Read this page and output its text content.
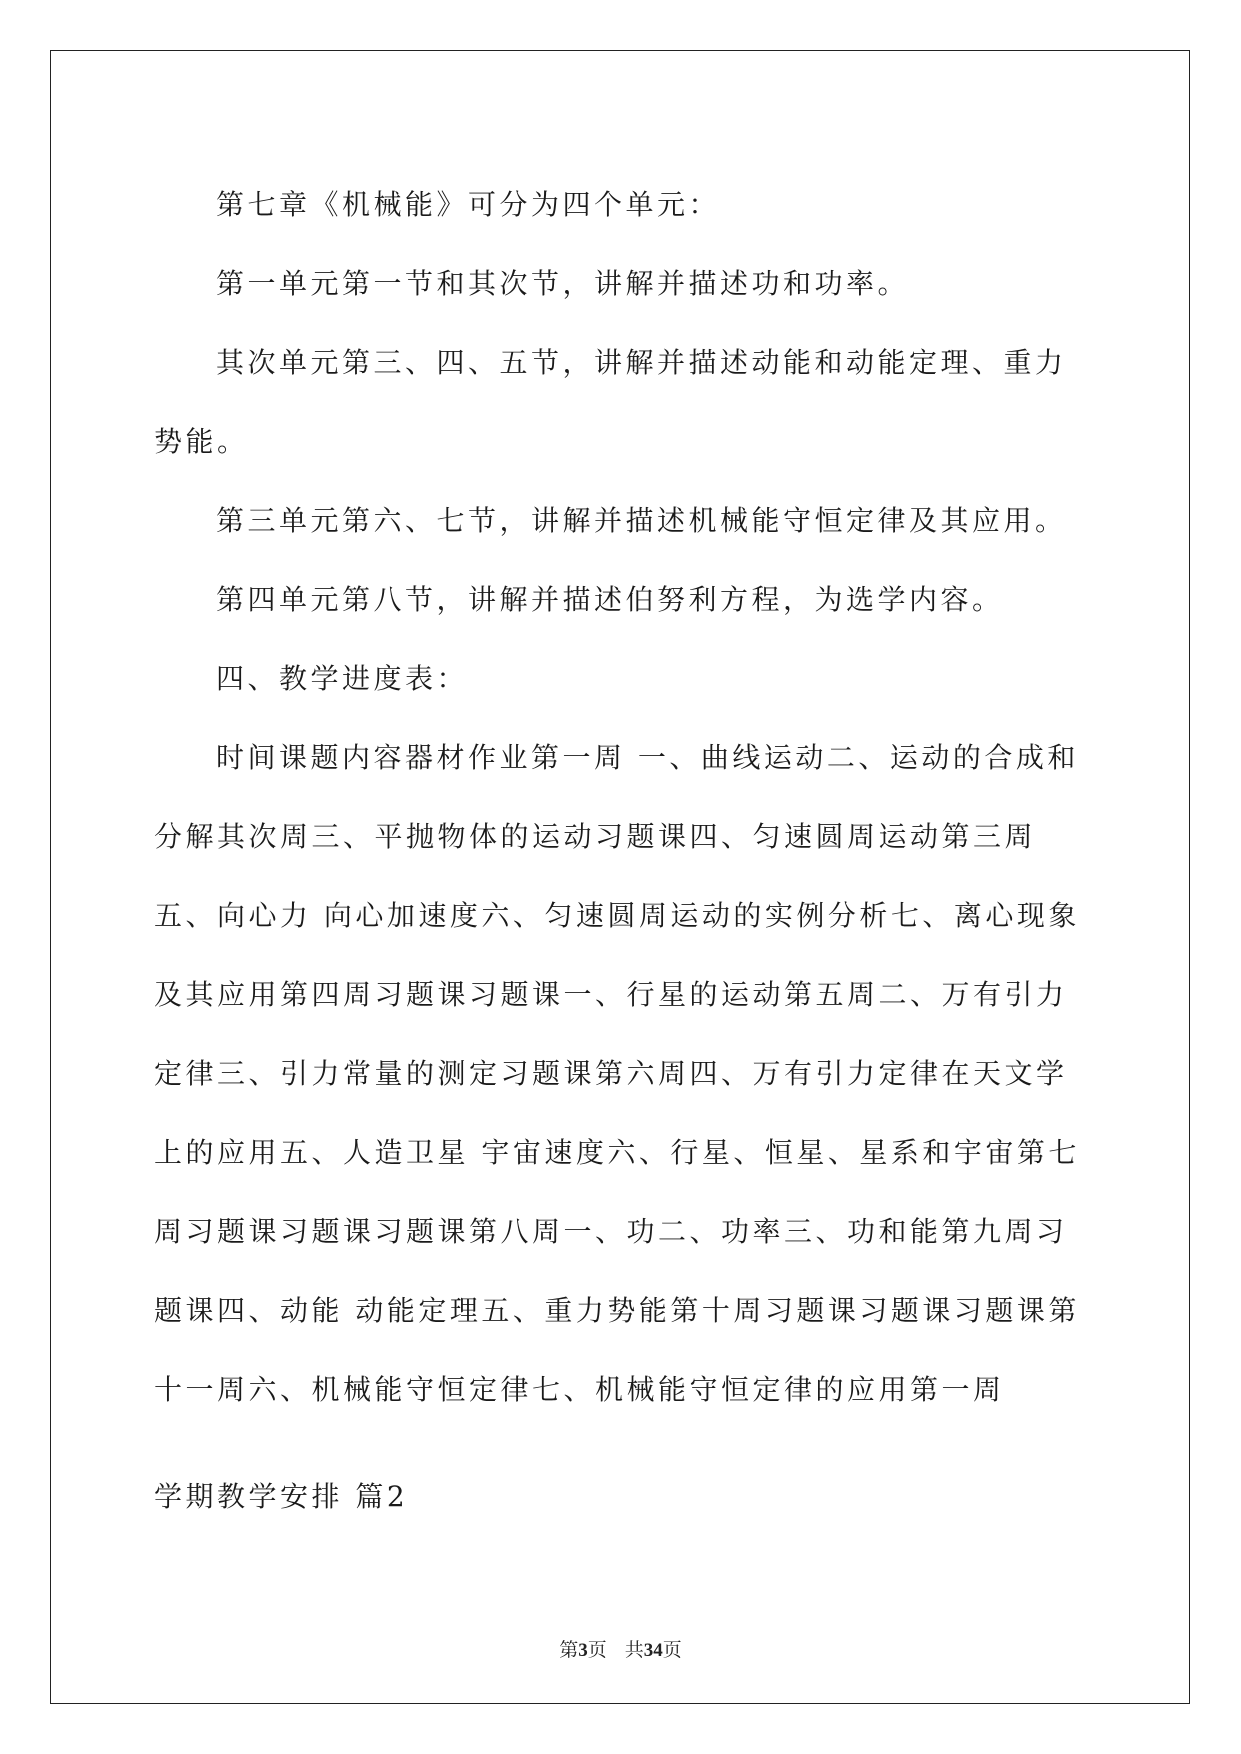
第七章《机械能》可分为四个单元：

第一单元第一节和其次节，讲解并描述功和功率。

其次单元第三、四、五节，讲解并描述动能和动能定理、重力势能。

第三单元第六、七节，讲解并描述机械能守恒定律及其应用。

第四单元第八节，讲解并描述伯努利方程，为选学内容。

四、教学进度表：

时间课题内容器材作业第一周 一、曲线运动二、运动的合成和分解其次周三、平抛物体的运动习题课四、匀速圆周运动第三周五、向心力 向心加速度六、匀速圆周运动的实例分析七、离心现象及其应用第四周习题课习题课一、行星的运动第五周二、万有引力定律三、引力常量的测定习题课第六周四、万有引力定律在天文学上的应用五、人造卫星 宇宙速度六、行星、恒星、星系和宇宙第七周习题课习题课习题课第八周一、功二、功率三、功和能第九周习题课四、动能 动能定理五、重力势能第十周习题课习题课习题课第十一周六、机械能守恒定律七、机械能守恒定律的应用第一周

学期教学安排 篇2
第3页 共34页
